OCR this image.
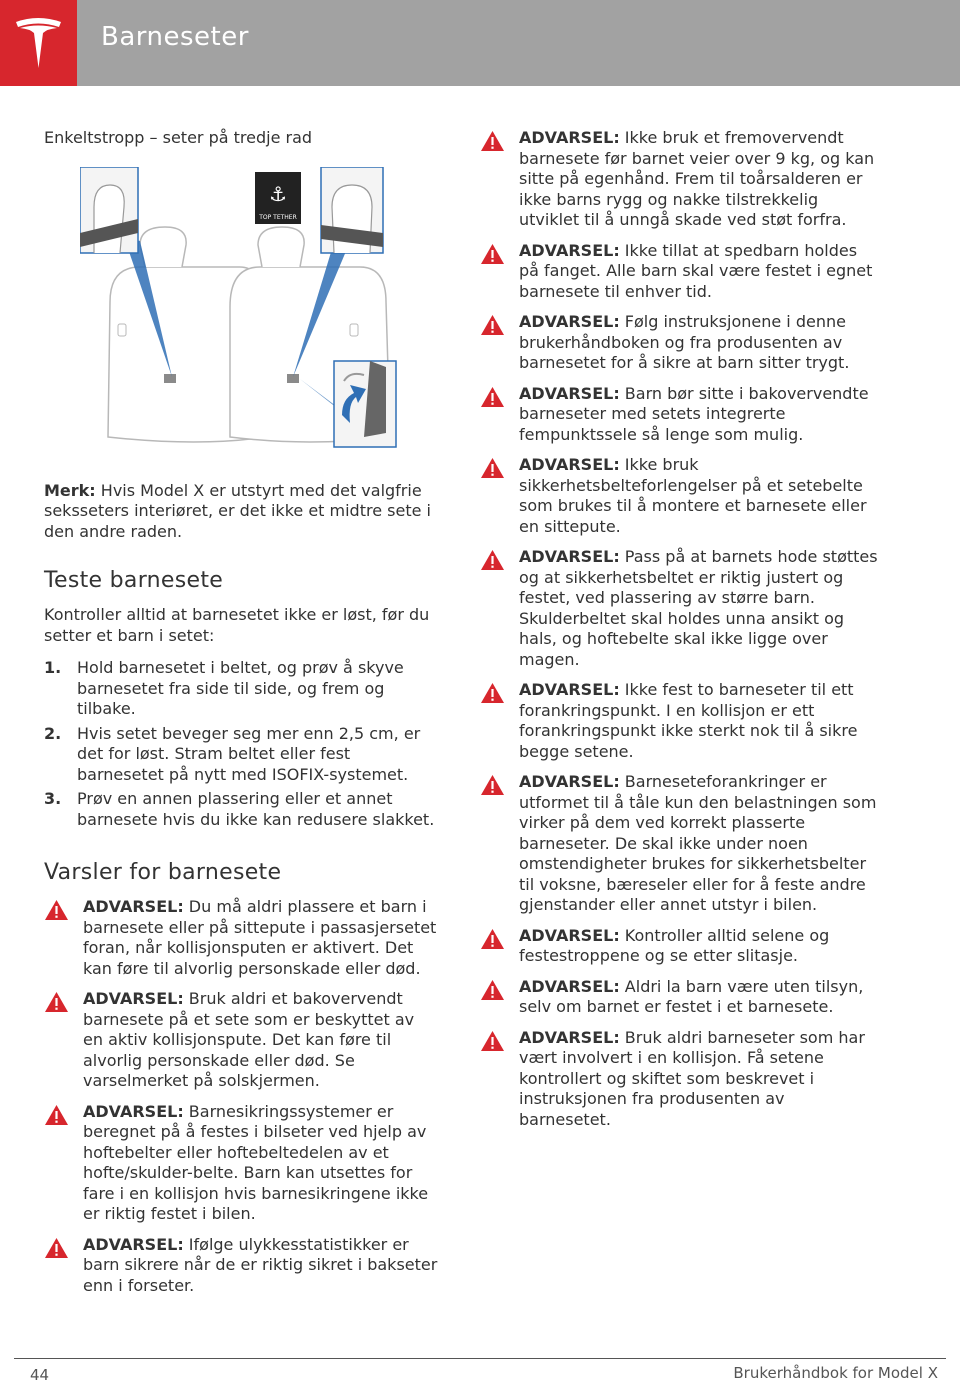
Barneseter

Enkeltstropp – seter på tredje rad

⚓
TOP TETHER

Merk: Hvis Model X er utstyrt med det valgfrie seksseters interiøret, er det ikke et midtre sete i den andre raden.

Teste barnesete

Kontroller alltid at barnesetet ikke er løst, før du setter et barn i setet:

1. Hold barnesetet i beltet, og prøv å skyve barnesetet fra side til side, og frem og tilbake.
2. Hvis setet beveger seg mer enn 2,5 cm, er det for løst. Stram beltet eller fest barnesetet på nytt med ISOFIX-systemet.
3. Prøv en annen plassering eller et annet barnesete hvis du ikke kan redusere slakket.
Varsler for barnesete

ADVARSEL: Du må aldri plassere et barn i barnesete eller på sittepute i passasjersetet foran, når kollisjonsputen er aktivert. Det kan føre til alvorlig personskade eller død.

ADVARSEL: Bruk aldri et bakovervendt barnesete på et sete som er beskyttet av en aktiv kollisjonspute. Det kan føre til alvorlig personskade eller død. Se varselmerket på solskjermen.

ADVARSEL: Barnesikringssystemer er beregnet på å festes i bilseter ved hjelp av hoftebelter eller hoftebeltedelen av et hofte/skulder-belte. Barn kan utsettes for fare i en kollisjon hvis barnesikringene ikke er riktig festet i bilen.

ADVARSEL: Ifølge ulykkesstatistikker er barn sikrere når de er riktig sikret i bakseter enn i forseter.

ADVARSEL: Ikke bruk et fremovervendt barnesete før barnet veier over 9 kg, og kan sitte på egenhånd. Frem til toårsalderen er ikke barns rygg og nakke tilstrekkelig utviklet til å unngå skade ved støt forfra.

ADVARSEL: Ikke tillat at spedbarn holdes på fanget. Alle barn skal være festet i egnet barnesete til enhver tid.

ADVARSEL: Følg instruksjonene i denne brukerhåndboken og fra produsenten av barnesetet for å sikre at barn sitter trygt.

ADVARSEL: Barn bør sitte i bakovervendte barneseter med setets integrerte fempunktssele så lenge som mulig.

ADVARSEL: Ikke bruk sikkerhetsbelteforlengelser på et setebelte som brukes til å montere et barnesete eller en sittepute.

ADVARSEL: Pass på at barnets hode støttes og at sikkerhetsbeltet er riktig justert og festet, ved plassering av større barn. Skulderbeltet skal holdes unna ansikt og hals, og hoftebelte skal ikke ligge over magen.

ADVARSEL: Ikke fest to barneseter til ett forankringspunkt. I en kollisjon er ett forankringspunkt ikke sterkt nok til å sikre begge setene.

ADVARSEL: Barneseteforankringer er utformet til å tåle kun den belastningen som virker på dem ved korrekt plasserte barneseter. De skal ikke under noen omstendigheter brukes for sikkerhetsbelter til voksne, bæreseler eller for å feste andre gjenstander eller annet utstyr i bilen.

ADVARSEL: Kontroller alltid selene og festestroppene og se etter slitasje.

ADVARSEL: Aldri la barn være uten tilsyn, selv om barnet er festet i et barnesete.

ADVARSEL: Bruk aldri barneseter som har vært involvert i en kollisjon. Få setene kontrollert og skiftet som beskrevet i instruksjonen fra produsenten av barnesetet.

44	Brukerhåndbok for Model X
